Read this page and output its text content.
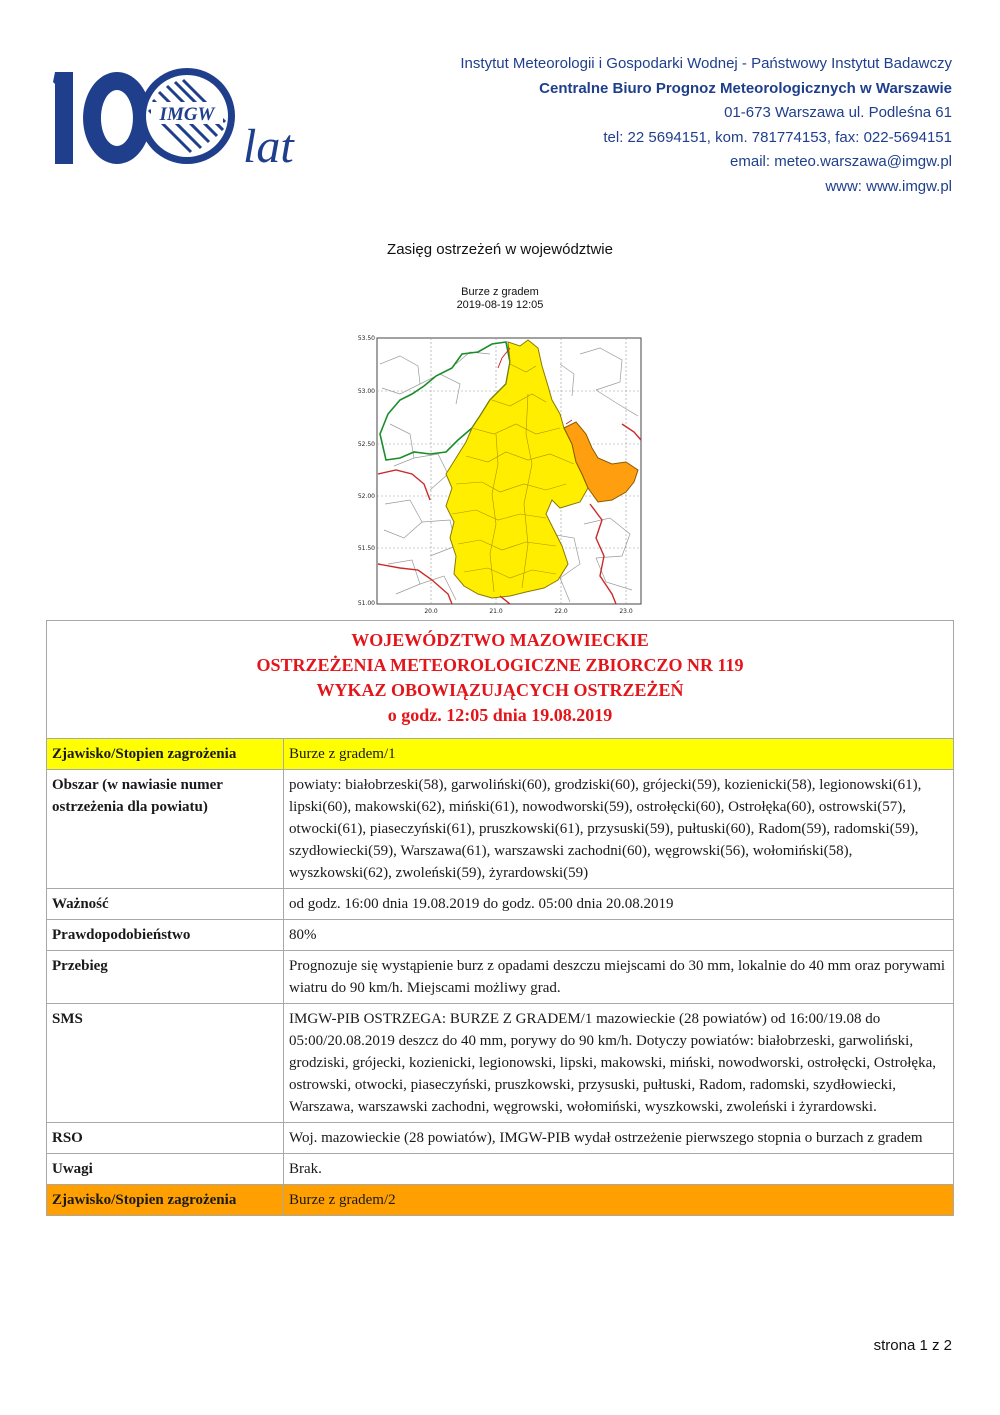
IMGW
lat
Instytut Meteorologii i Gospodarki Wodnej - Państwowy Instytut Badawczy
Centralne Biuro Prognoz Meteorologicznych w Warszawie
01-673 Warszawa ul. Podleśna 61
tel: 22 5694151, kom. 781774153, fax: 022-5694151
email: meteo.warszawa@imgw.pl
www: www.imgw.pl
Zasięg ostrzeżeń w województwie
Burze z gradem
2019-08-19 12:05
53.50
53.00
52.50
52.00
51.50
51.00
20.0	21.0	22.0	23.0
WOJEWÓDZTWO MAZOWIECKIE
OSTRZEŻENIA METEOROLOGICZNE ZBIORCZO NR 119
WYKAZ OBOWIĄZUJĄCYCH OSTRZEŻEŃ
o godz. 12:05 dnia 19.08.2019	

Zjawisko/Stopien zagrożenia	Burze z gradem/1
Obszar (w nawiasie numer ostrzeżenia dla powiatu)	powiaty: białobrzeski(58), garwoliński(60), grodziski(60), grójecki(59), kozienicki(58), legionowski(61), lipski(60), makowski(62), miński(61), nowodworski(59), ostrołęcki(60), Ostrołęka(60), ostrowski(57), otwocki(61), piaseczyński(61), pruszkowski(61), przysuski(59), pułtuski(60), Radom(59), radomski(59), szydłowiecki(59), Warszawa(61), warszawski zachodni(60), węgrowski(56), wołomiński(58), wyszkowski(62), zwoleński(59), żyrardowski(59)
Ważność	od godz. 16:00 dnia 19.08.2019 do godz. 05:00 dnia 20.08.2019
Prawdopodobieństwo	80%
Przebieg	Prognozuje się wystąpienie burz z opadami deszczu miejscami do 30 mm, lokalnie do 40 mm oraz porywami wiatru do 90 km/h. Miejscami możliwy grad.
SMS	IMGW-PIB OSTRZEGA: BURZE Z GRADEM/1 mazowieckie (28 powiatów) od 16:00/19.08 do 05:00/20.08.2019 deszcz do 40 mm, porywy do 90 km/h. Dotyczy powiatów: białobrzeski, garwoliński, grodziski, grójecki, kozienicki, legionowski, lipski, makowski, miński, nowodworski, ostrołęcki, Ostrołęka, ostrowski, otwocki, piaseczyński, pruszkowski, przysuski, pułtuski, Radom, radomski, szydłowiecki, Warszawa, warszawski zachodni, węgrowski, wołomiński, wyszkowski, zwoleński i żyrardowski.
RSO	Woj. mazowieckie (28 powiatów), IMGW-PIB wydał ostrzeżenie pierwszego stopnia o burzach z gradem
Uwagi	Brak.
Zjawisko/Stopien zagrożenia	Burze z gradem/2
strona 1 z 2
